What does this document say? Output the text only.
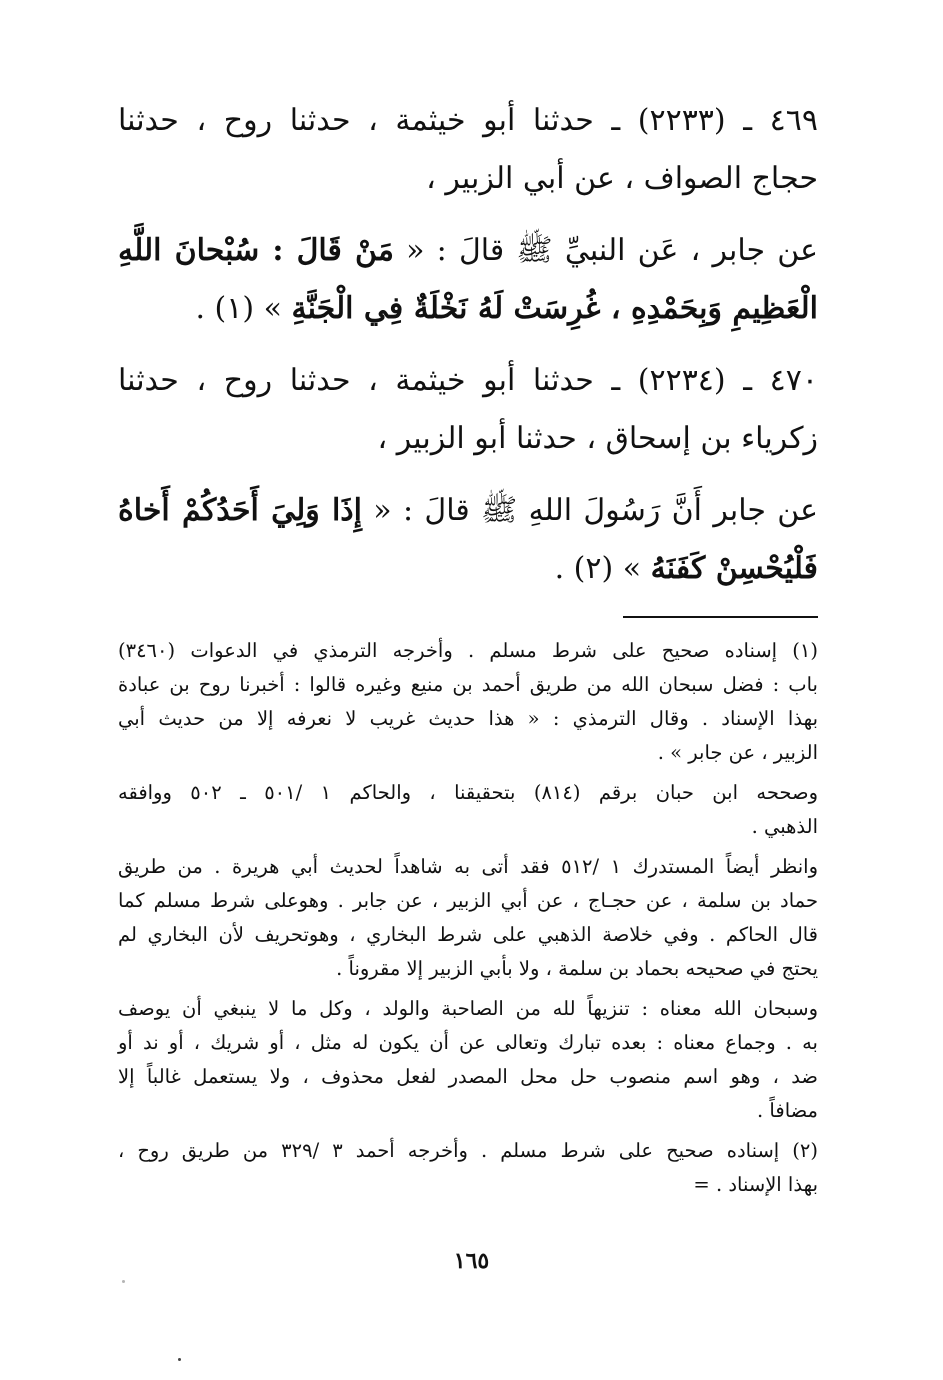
٤٦٩ ـ (٢٢٣٣) ـ حدثنا أبو خيثمة ، حدثنا روح ، حدثنا
حجاج الصواف ، عن أبي الزبير ،
عن جابر ، عَن النبيِّ ﷺ قالَ : « مَنْ قَالَ : سُبْحانَ اللَّهِ
الْعَظِيمِ وَبِحَمْدِهِ ، غُرِسَتْ لَهُ نَخْلَةٌ فِي الْجَنَّةِ » (١) .
٤٧٠ ـ (٢٢٣٤) ـ حدثنا أبو خيثمة ، حدثنا روح ، حدثنا
زكرياء بن إسحاق ، حدثنا أبو الزبير ،
عن جابر أَنَّ رَسُولَ اللهِ ﷺ قالَ : « إِذَا وَلِيَ أَحَدُكُمْ أَخاهُ
فَلْيُحْسِنْ كَفَنَهُ » (٢) .
(١) إسناده صحيح على شرط مسلم . وأخرجه الترمذي في الدعوات (٣٤٦٠)
باب : فضل سبحان الله من طريق أحمد بن منيع وغيره قالوا : أخبرنا روح بن عبادة
بهذا الإسناد . وقال الترمذي : « هذا حديث غريب لا نعرفه إلا من حديث أبي
الزبير ، عن جابر » .
وصححه ابن حبان برقم (٨١٤) بتحقيقنا ، والحاكم ١ /٥٠١ ـ ٥٠٢ ووافقه
الذهبي .
وانظر أيضاً المستدرك ١ /٥١٢ فقد أتى به شاهداً لحديث أبي هريرة . من طريق
حماد بن سلمة ، عن حجـاج ، عن أبي الزبير ، عن جابر . وهوعلى شرط مسلم كما
قال الحاكم . وفي خلاصة الذهبي على شرط البخاري ، وهوتحريف لأن البخاري لم
يحتج في صحيحه بحماد بن سلمة ، ولا بأبي الزبير إلا مقروناً .
وسبحان الله معناه : تنزيهاً لله من الصاحبة والولد ، وكل ما لا ينبغي أن يوصف
به . وجماع معناه : بعده تبارك وتعالى عن أن يكون له مثل ، أو شريك ، أو ند أو
ضد ، وهو اسم منصوب حل محل المصدر لفعل محذوف ، ولا يستعمل غالباً إلا
مضافاً .
(٢) إسناده صحيح على شرط مسلم . وأخرجه أحمد ٣ /٣٢٩ من طريق روح ،
بهذا الإسناد . =
١٦٥
